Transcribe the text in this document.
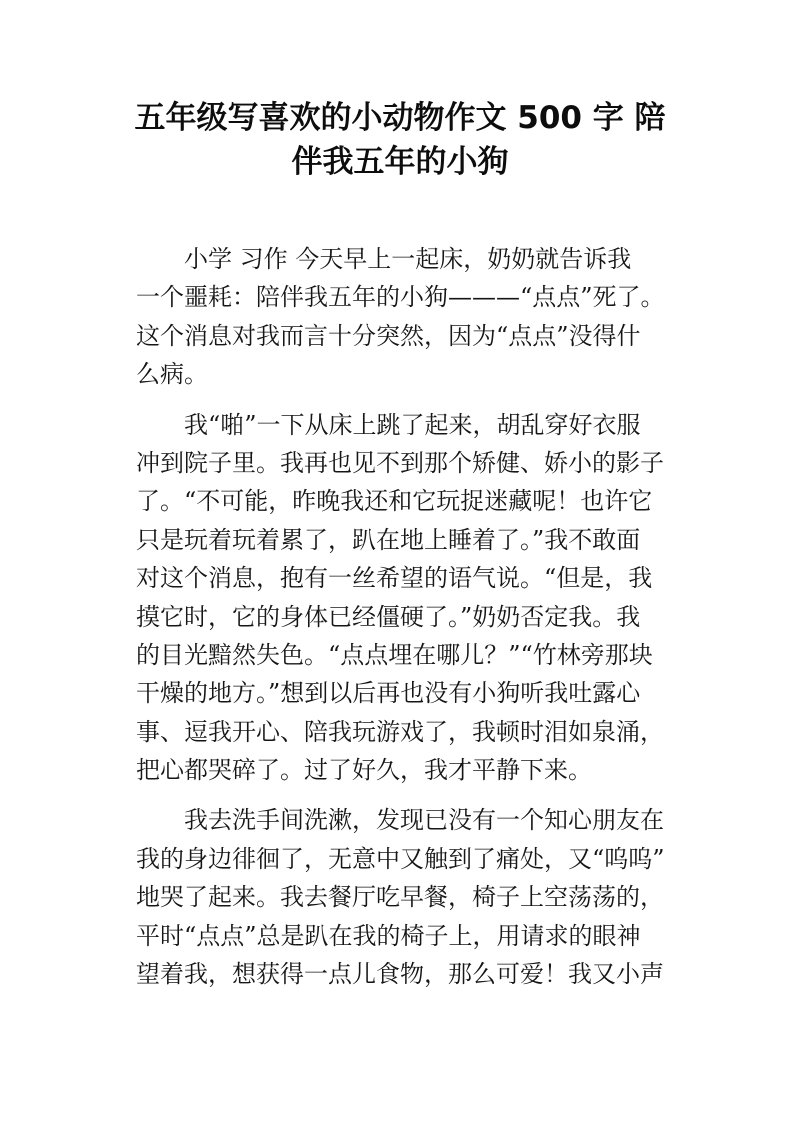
五年级写喜欢的小动物作文 500 字 陪
伴我五年的小狗
小学 习作 今天早上一起床，奶奶就告诉我
一个噩耗：陪伴我五年的小狗———“点点”死了。
这个消息对我而言十分突然，因为“点点”没得什
么病。
我“啪”一下从床上跳了起来，胡乱穿好衣服
冲到院子里。我再也见不到那个矫健、娇小的影子
了。“不可能，昨晚我还和它玩捉迷藏呢！也许它
只是玩着玩着累了，趴在地上睡着了。”我不敢面
对这个消息，抱有一丝希望的语气说。“但是，我
摸它时，它的身体已经僵硬了。”奶奶否定我。我
的目光黯然失色。“点点埋在哪儿？”“竹林旁那块
干燥的地方。”想到以后再也没有小狗听我吐露心
事、逗我开心、陪我玩游戏了，我顿时泪如泉涌，
把心都哭碎了。过了好久，我才平静下来。
我去洗手间洗漱，发现已没有一个知心朋友在
我的身边徘徊了，无意中又触到了痛处，又“呜呜”
地哭了起来。我去餐厅吃早餐，椅子上空荡荡的，
平时“点点”总是趴在我的椅子上，用请求的眼神
望着我，想获得一点儿食物，那么可爱！我又小声
